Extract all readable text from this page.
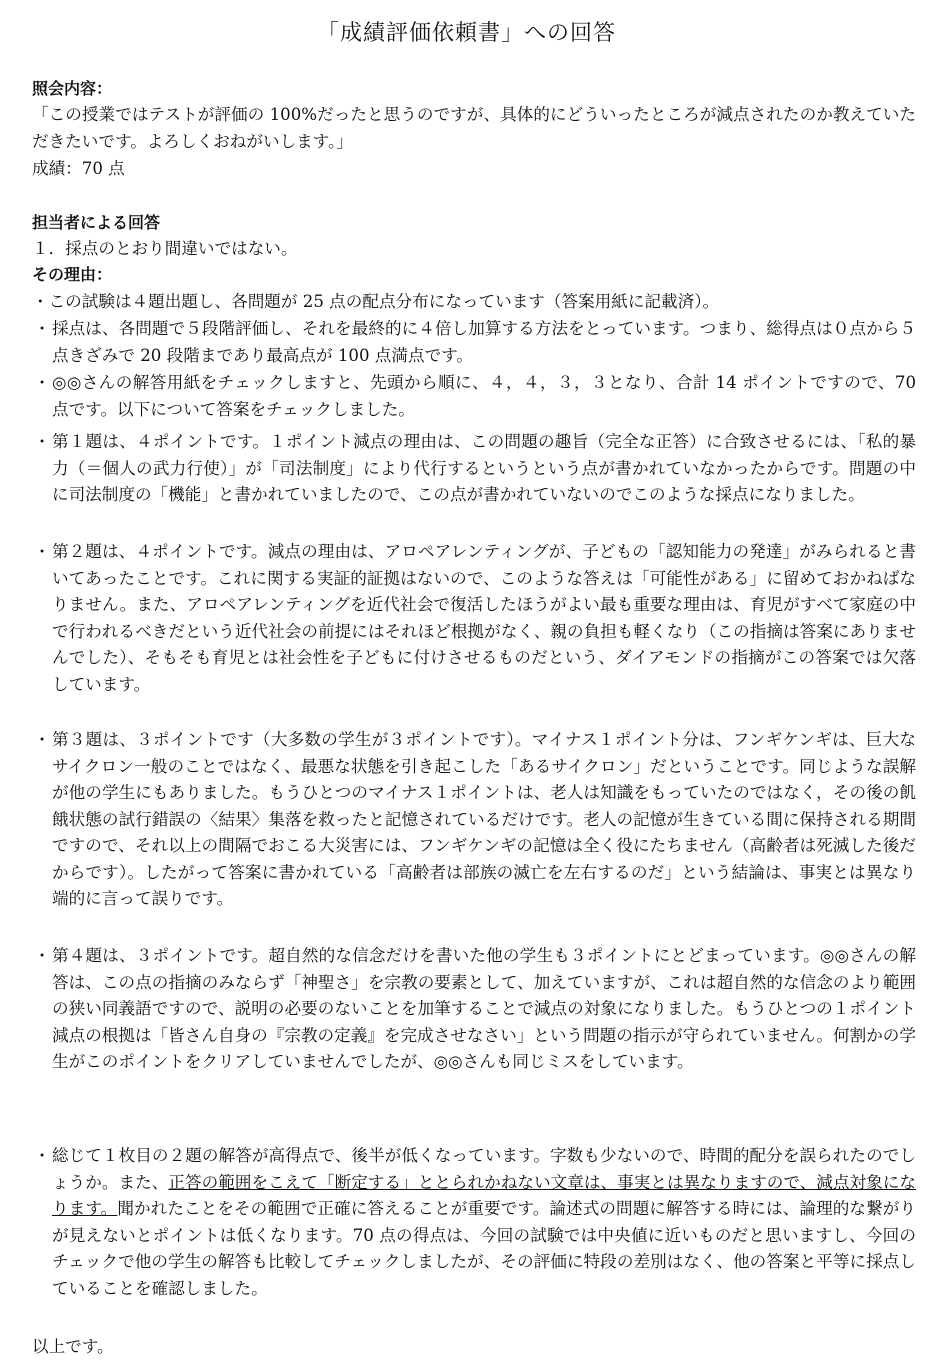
「成績評価依頼書」への回答
照会内容：
「この授業ではテストが評価の 100%だったと思うのですが、具体的にどういったところが減点されたのか教えていただきたいです。よろしくおねがいします。」
成績：70 点
担当者による回答
１．採点のとおり間違いではない。
その理由：
・この試験は４題出題し、各問題が 25 点の配点分布になっています（答案用紙に記載済）。
・ 採点は、各問題で５段階評価し、それを最終的に４倍し加算する方法をとっています。つまり、総得点は０点から５点きざみで 20 段階まであり最高点が 100 点満点です。
・ ◎◎さんの解答用紙をチェックしますと、先頭から順に、４，４，３，３となり、合計 14 ポイントですので、70 点です。以下について答案をチェックしました。
・ 第１題は、４ポイントです。１ポイント減点の理由は、この問題の趣旨（完全な正答）に合致させるには、「私的暴力（＝個人の武力行使）」が「司法制度」により代行するというという点が書かれていなかったからです。問題の中に司法制度の「機能」と書かれていましたので、この点が書かれていないのでこのような採点になりました。
・ 第２題は、４ポイントです。減点の理由は、アロペアレンティングが、子どもの「認知能力の発達」がみられると書いてあったことです。これに関する実証的証拠はないので、このような答えは「可能性がある」に留めておかねばなりません。また、アロペアレンティングを近代社会で復活したほうがよい最も重要な理由は、育児がすべて家庭の中で行われるべきだという近代社会の前提にはそれほど根拠がなく、親の負担も軽くなり（この指摘は答案にありませんでした）、そもそも育児とは社会性を子どもに付けさせるものだという、ダイアモンドの指摘がこの答案では欠落しています。
・ 第３題は、３ポイントです（大多数の学生が３ポイントです）。マイナス１ポイント分は、フンギケンギは、巨大なサイクロン一般のことではなく、最悪な状態を引き起こした「あるサイクロン」だということです。同じような誤解が他の学生にもありました。もうひとつのマイナス１ポイントは、老人は知識をもっていたのではなく，その後の飢餓状態の試行錯誤の〈結果〉集落を救ったと記憶されているだけです。老人の記憶が生きている間に保持される期間ですので、それ以上の間隔でおこる大災害には、フンギケンギの記憶は全く役にたちません（高齢者は死滅した後だからです）。したがって答案に書かれている「高齢者は部族の滅亡を左右するのだ」という結論は、事実とは異なり端的に言って誤りです。
・ 第４題は、３ポイントです。超自然的な信念だけを書いた他の学生も３ポイントにとどまっています。◎◎さんの解答は、この点の指摘のみならず「神聖さ」を宗教の要素として、加えていますが、これは超自然的な信念のより範囲の狭い同義語ですので、説明の必要のないことを加筆することで減点の対象になりました。もうひとつの１ポイント減点の根拠は「皆さん自身の『宗教の定義』を完成させなさい」という問題の指示が守られていません。何割かの学生がこのポイントをクリアしていませんでしたが、◎◎さんも同じミスをしています。
・ 総じて１枚目の２題の解答が高得点で、後半が低くなっています。字数も少ないので、時間的配分を誤られたのでしょうか。また、正答の範囲をこえて「断定する」ととられかねない文章は、事実とは異なりますので、減点対象になります。聞かれたことをその範囲で正確に答えることが重要です。論述式の問題に解答する時には、論理的な繋がりが見えないとポイントは低くなります。70 点の得点は、今回の試験では中央値に近いものだと思いますし、今回のチェックで他の学生の解答も比較してチェックしましたが、その評価に特段の差別はなく、他の答案と平等に採点していることを確認しました。
以上です。
